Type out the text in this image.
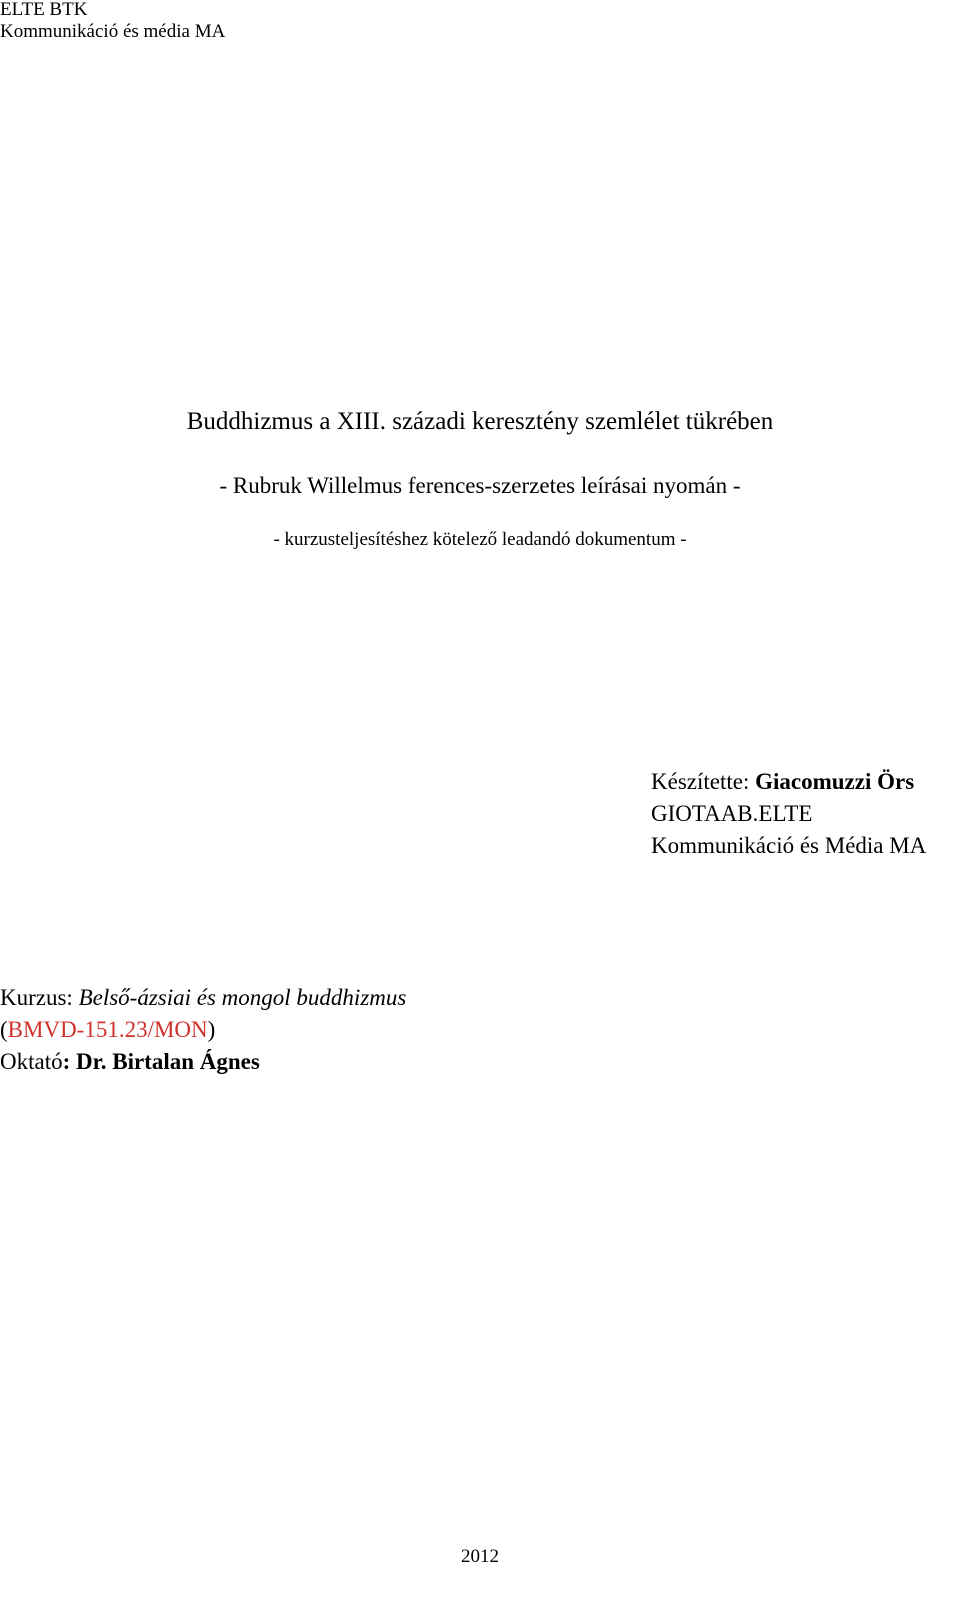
ELTE BTK

Kommunikáció és média MA

Buddhizmus a XIII. századi keresztény szemlélet tükrében

- Rubruk Willelmus ferences-szerzetes leírásai nyomán -

- kurzusteljesítéshez kötelező leadandó dokumentum -

Készítette: Giacomuzzi Örs
GIOTAAB.ELTE
Kommunikáció és Média MA
Kurzus: Belső-ázsiai és mongol buddhizmus
(BMVD-151.23/MON)
Oktató: Dr. Birtalan Ágnes

2012
